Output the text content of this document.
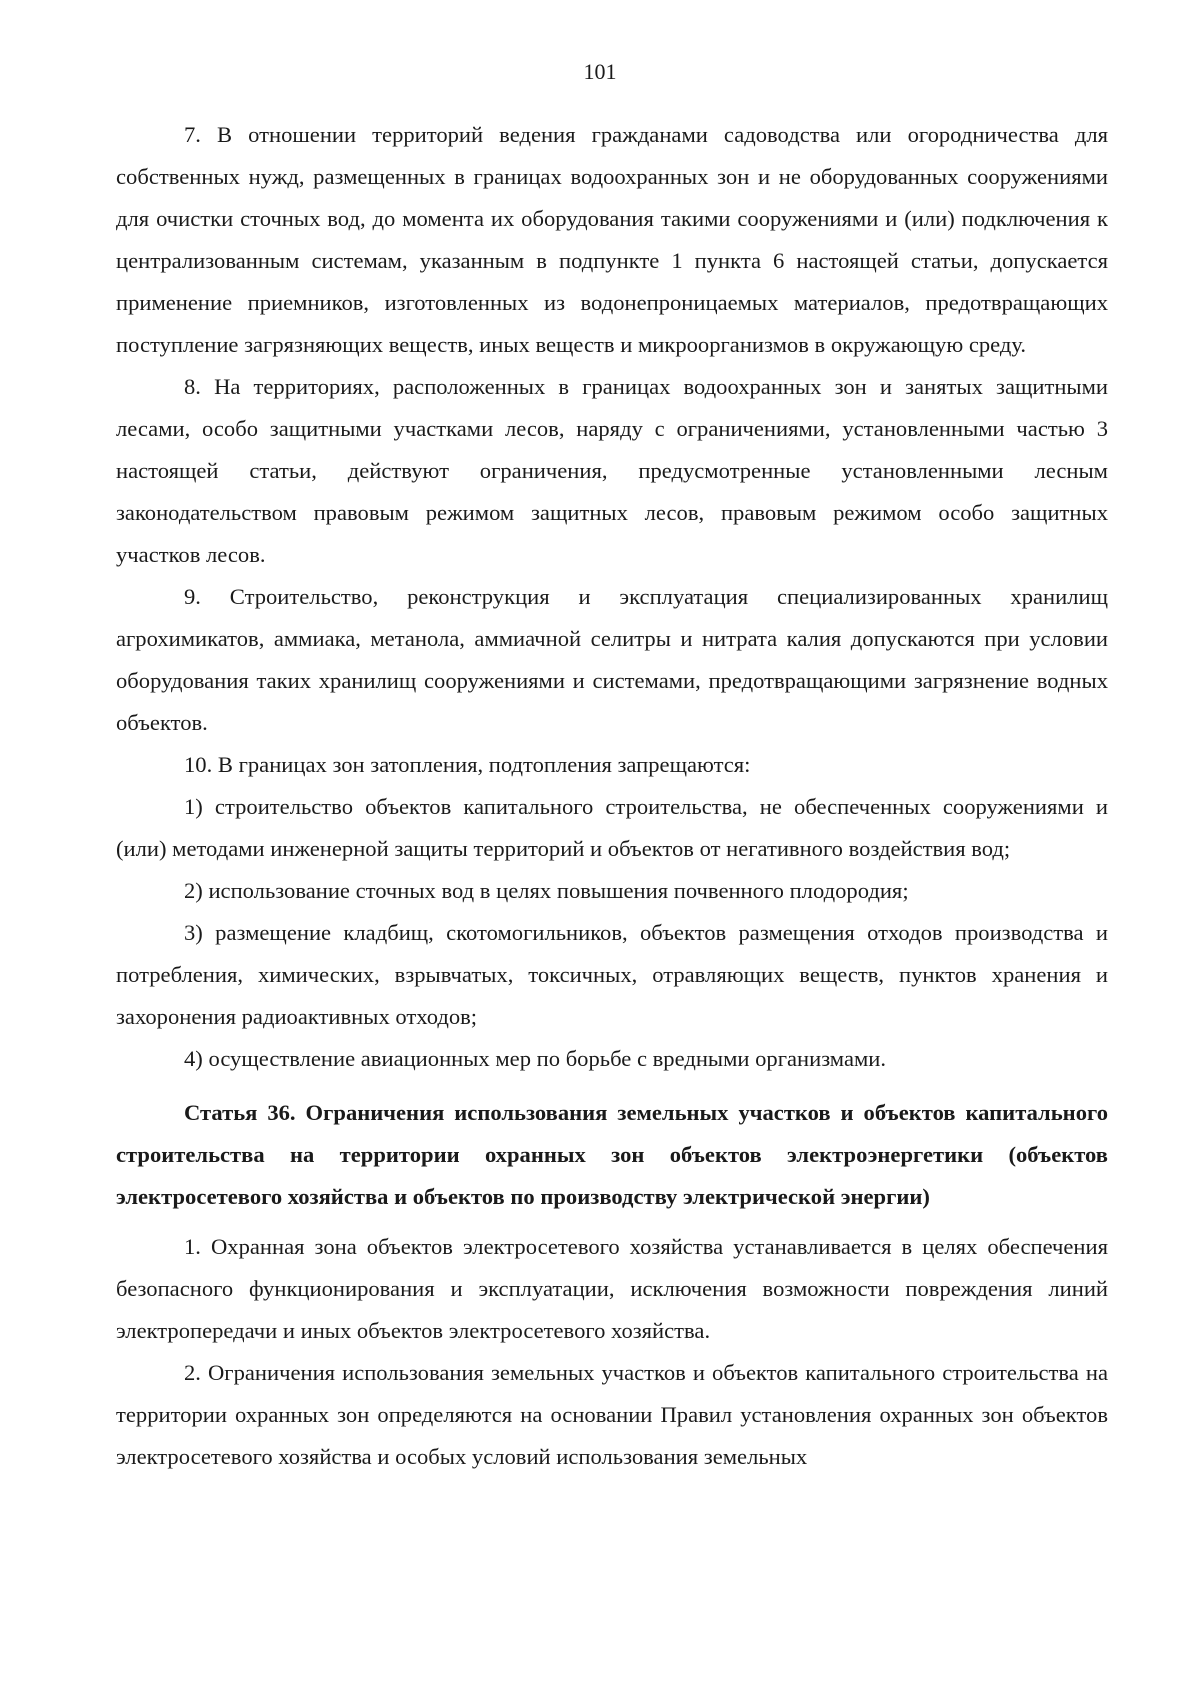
101

7. В отношении территорий ведения гражданами садоводства или огородничества для собственных нужд, размещенных в границах водоохранных зон и не оборудованных сооружениями для очистки сточных вод, до момента их оборудования такими сооружениями и (или) подключения к централизованным системам, указанным в подпункте 1 пункта 6 настоящей статьи, допускается применение приемников, изготовленных из водонепроницаемых материалов, предотвращающих поступление загрязняющих веществ, иных веществ и микроорганизмов в окружающую среду.

8. На территориях, расположенных в границах водоохранных зон и занятых защитными лесами, особо защитными участками лесов, наряду с ограничениями, установленными частью 3 настоящей статьи, действуют ограничения, предусмотренные установленными лесным законодательством правовым режимом защитных лесов, правовым режимом особо защитных участков лесов.

9. Строительство, реконструкция и эксплуатация специализированных хранилищ агрохимикатов, аммиака, метанола, аммиачной селитры и нитрата калия допускаются при условии оборудования таких хранилищ сооружениями и системами, предотвращающими загрязнение водных объектов.

10. В границах зон затопления, подтопления запрещаются:

1) строительство объектов капитального строительства, не обеспеченных сооружениями и (или) методами инженерной защиты территорий и объектов от негативного воздействия вод;

2) использование сточных вод в целях повышения почвенного плодородия;

3) размещение кладбищ, скотомогильников, объектов размещения отходов производства и потребления, химических, взрывчатых, токсичных, отравляющих веществ, пунктов хранения и захоронения радиоактивных отходов;

4) осуществление авиационных мер по борьбе с вредными организмами.

Статья 36. Ограничения использования земельных участков и объектов капитального строительства на территории охранных зон объектов электроэнергетики (объектов электросетевого хозяйства и объектов по производству электрической энергии)

1. Охранная зона объектов электросетевого хозяйства устанавливается в целях обеспечения безопасного функционирования и эксплуатации, исключения возможности повреждения линий электропередачи и иных объектов электросетевого хозяйства.

2. Ограничения использования земельных участков и объектов капитального строительства на территории охранных зон определяются на основании Правил установления охранных зон объектов электросетевого хозяйства и особых условий использования земельных
